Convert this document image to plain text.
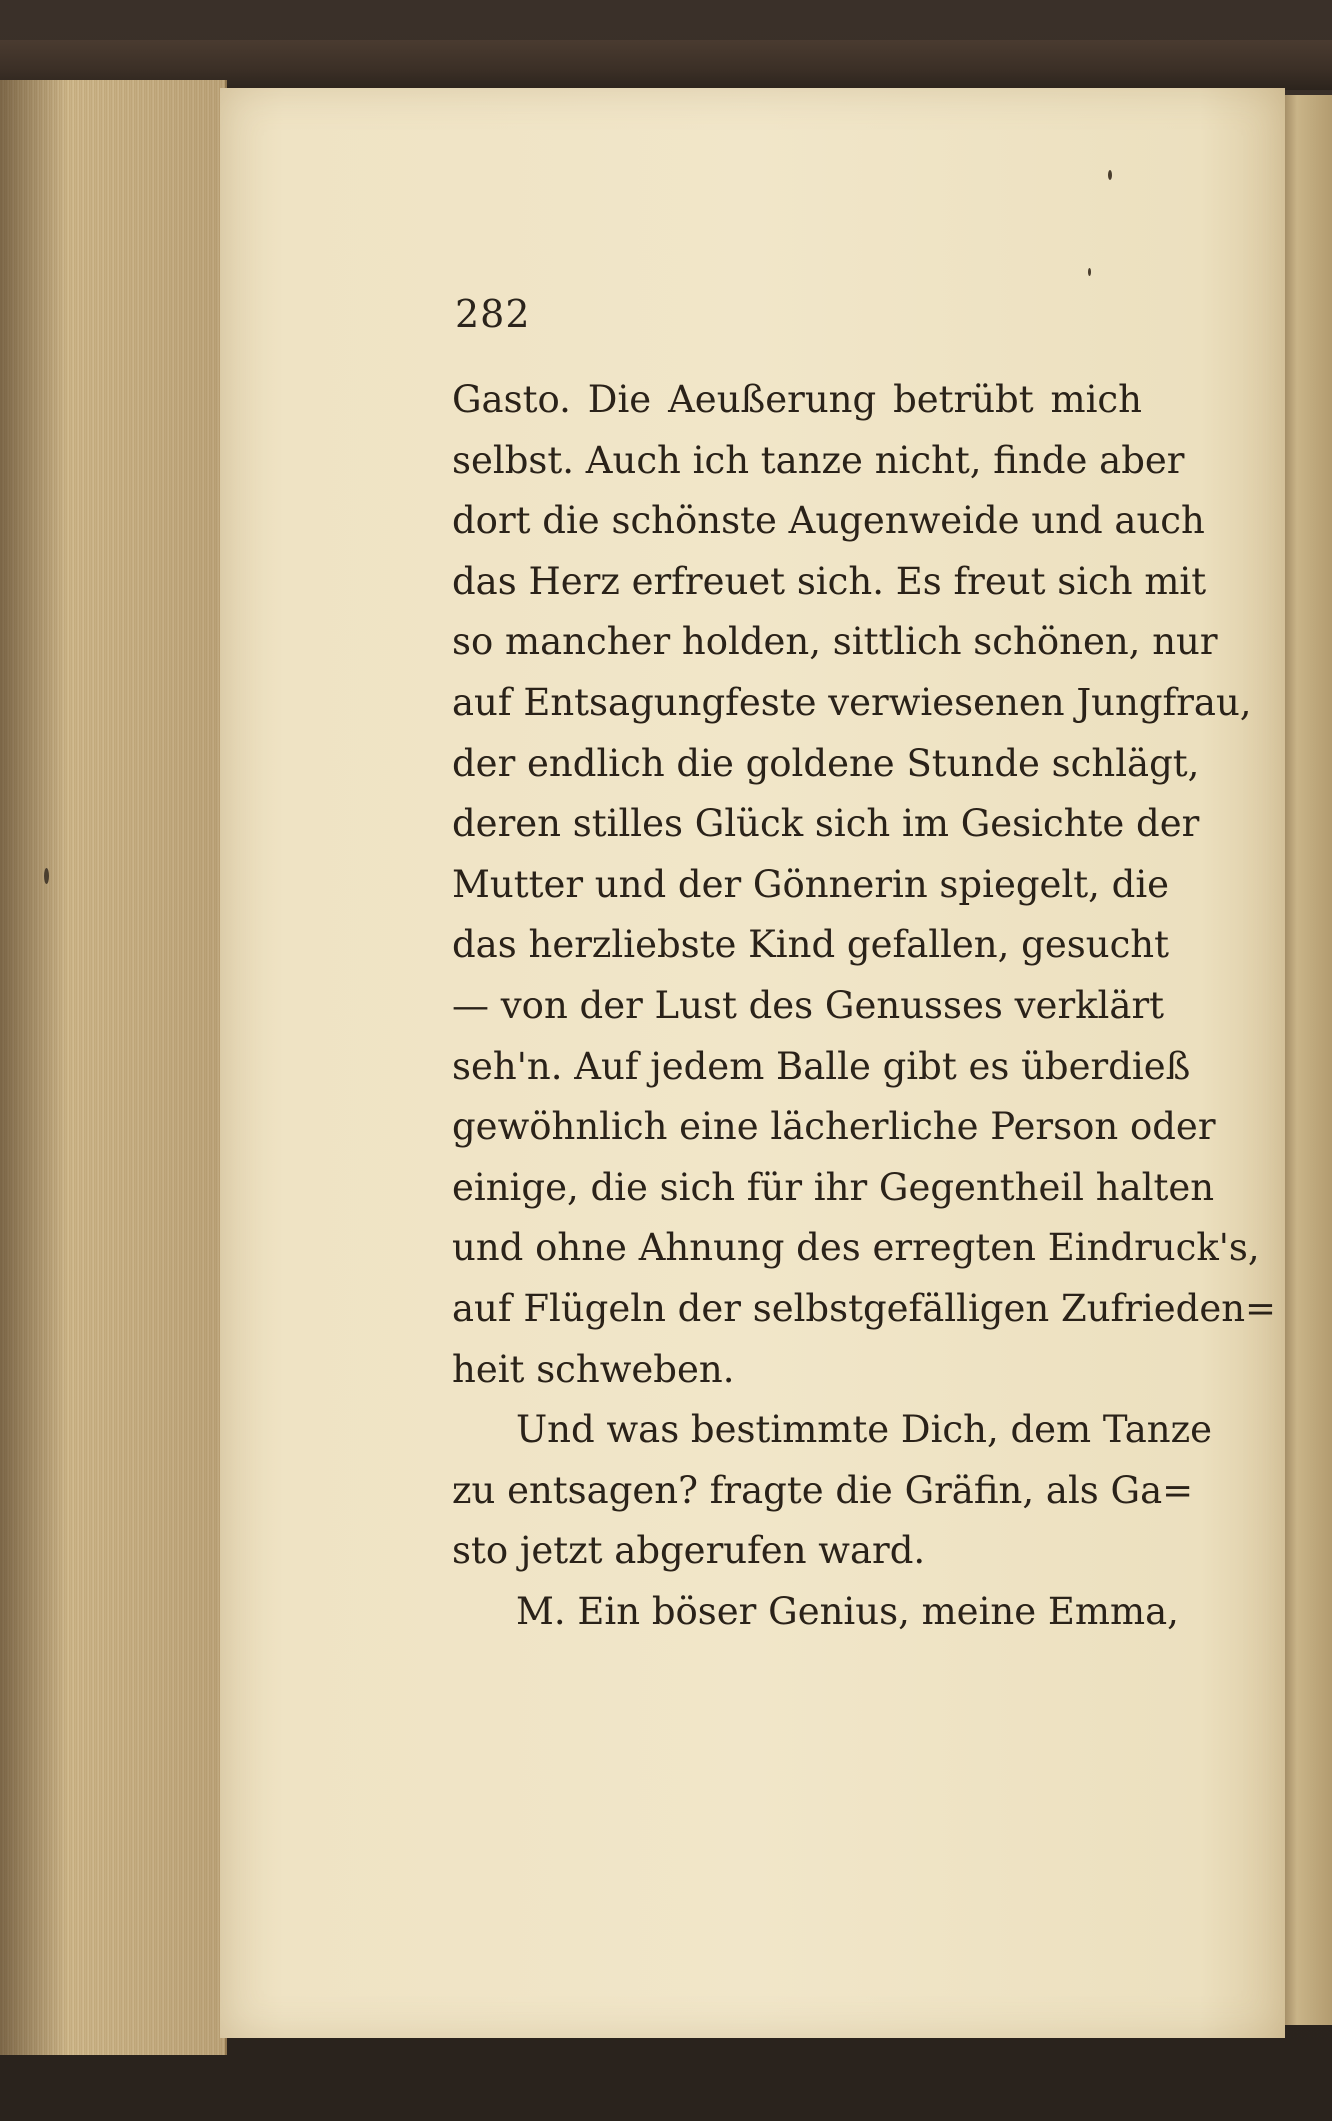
282
Gasto. Die Aeußerung betrübt mich
selbst. Auch ich tanze nicht, finde aber
dort die schönste Augenweide und auch
das Herz erfreuet sich. Es freut sich mit
so mancher holden, sittlich schönen, nur
auf Entsagungfeste verwiesenen Jungfrau,
der endlich die goldene Stunde schlägt,
deren stilles Glück sich im Gesichte der
Mutter und der Gönnerin spiegelt, die
das herzliebste Kind gefallen, gesucht
— von der Lust des Genusses verklärt
seh'n. Auf jedem Balle gibt es überdieß
gewöhnlich eine lächerliche Person oder
einige, die sich für ihr Gegentheil halten
und ohne Ahnung des erregten Eindruck's,
auf Flügeln der selbstgefälligen Zufrieden=
heit schweben.
Und was bestimmte Dich, dem Tanze
zu entsagen? fragte die Gräfin, als Ga=
sto jetzt abgerufen ward.
M. Ein böser Genius, meine Emma,
